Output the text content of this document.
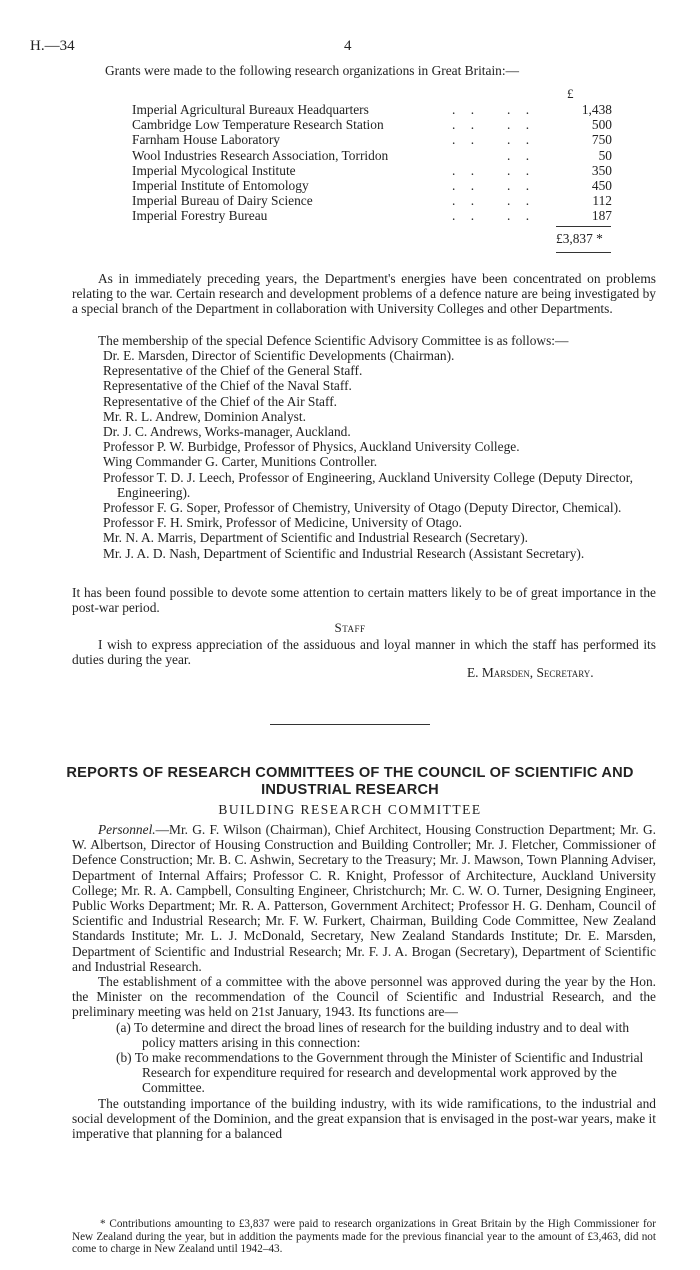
H.—34	4
Grants were made to the following research organizations in Great Britain:—
£
Imperial Agricultural Bureaux Headquarters	. . . .	1,438
Cambridge Low Temperature Research Station	. . . .	500
Farnham House Laboratory	. . . .	750
Wool Industries Research Association, Torridon	. .	50
Imperial Mycological Institute	. . . .	350
Imperial Institute of Entomology	. . . .	450
Imperial Bureau of Dairy Science	. . . .	112
Imperial Forestry Bureau	. . . .	187
£3,837 *

As in immediately preceding years, the Department's energies have been concentrated on problems relating to the war. Certain research and development problems of a defence nature are being investigated by a special branch of the Department in collaboration with University Colleges and other Departments.

The membership of the special Defence Scientific Advisory Committee is as follows:—

Dr. E. Marsden, Director of Scientific Developments (Chairman).

Representative of the Chief of the General Staff.

Representative of the Chief of the Naval Staff.

Representative of the Chief of the Air Staff.

Mr. R. L. Andrew, Dominion Analyst.

Dr. J. C. Andrews, Works-manager, Auckland.

Professor P. W. Burbidge, Professor of Physics, Auckland University College.

Wing Commander G. Carter, Munitions Controller.

Professor T. D. J. Leech, Professor of Engineering, Auckland University College (Deputy Director, Engineering).

Professor F. G. Soper, Professor of Chemistry, University of Otago (Deputy Director, Chemical).

Professor F. H. Smirk, Professor of Medicine, University of Otago.

Mr. N. A. Marris, Department of Scientific and Industrial Research (Secretary).

Mr. J. A. D. Nash, Department of Scientific and Industrial Research (Assistant Secretary).

It has been found possible to devote some attention to certain matters likely to be of great importance in the post-war period.

Staff

I wish to express appreciation of the assiduous and loyal manner in which the staff has performed its duties during the year.

E. Marsden, Secretary.
REPORTS OF RESEARCH COMMITTEES OF THE COUNCIL OF SCIENTIFIC AND INDUSTRIAL RESEARCH
BUILDING RESEARCH COMMITTEE

Personnel.—Mr. G. F. Wilson (Chairman), Chief Architect, Housing Construction Department; Mr. G. W. Albertson, Director of Housing Construction and Building Controller; Mr. J. Fletcher, Commissioner of Defence Construction; Mr. B. C. Ashwin, Secretary to the Treasury; Mr. J. Mawson, Town Planning Adviser, Department of Internal Affairs; Professor C. R. Knight, Professor of Architecture, Auckland University College; Mr. R. A. Campbell, Consulting Engineer, Christchurch; Mr. C. W. O. Turner, Designing Engineer, Public Works Department; Mr. R. A. Patterson, Government Architect; Professor H. G. Denham, Council of Scientific and Industrial Research; Mr. F. W. Furkert, Chairman, Building Code Committee, New Zealand Standards Institute; Mr. L. J. McDonald, Secretary, New Zealand Standards Institute; Dr. E. Marsden, Department of Scientific and Industrial Research; Mr. F. J. A. Brogan (Secretary), Department of Scientific and Industrial Research.

The establishment of a committee with the above personnel was approved during the year by the Hon. the Minister on the recommendation of the Council of Scientific and Industrial Research, and the preliminary meeting was held on 21st January, 1943. Its functions are—

(a) To determine and direct the broad lines of research for the building industry and to deal with policy matters arising in this connection:

(b) To make recommendations to the Government through the Minister of Scientific and Industrial Research for expenditure required for research and developmental work approved by the Committee.

The outstanding importance of the building industry, with its wide ramifications, to the industrial and social development of the Dominion, and the great expansion that is envisaged in the post-war years, make it imperative that planning for a balanced

* Contributions amounting to £3,837 were paid to research organizations in Great Britain by the High Commissioner for New Zealand during the year, but in addition the payments made for the previous financial year to the amount of £3,463, did not come to charge in New Zealand until 1942–43.
